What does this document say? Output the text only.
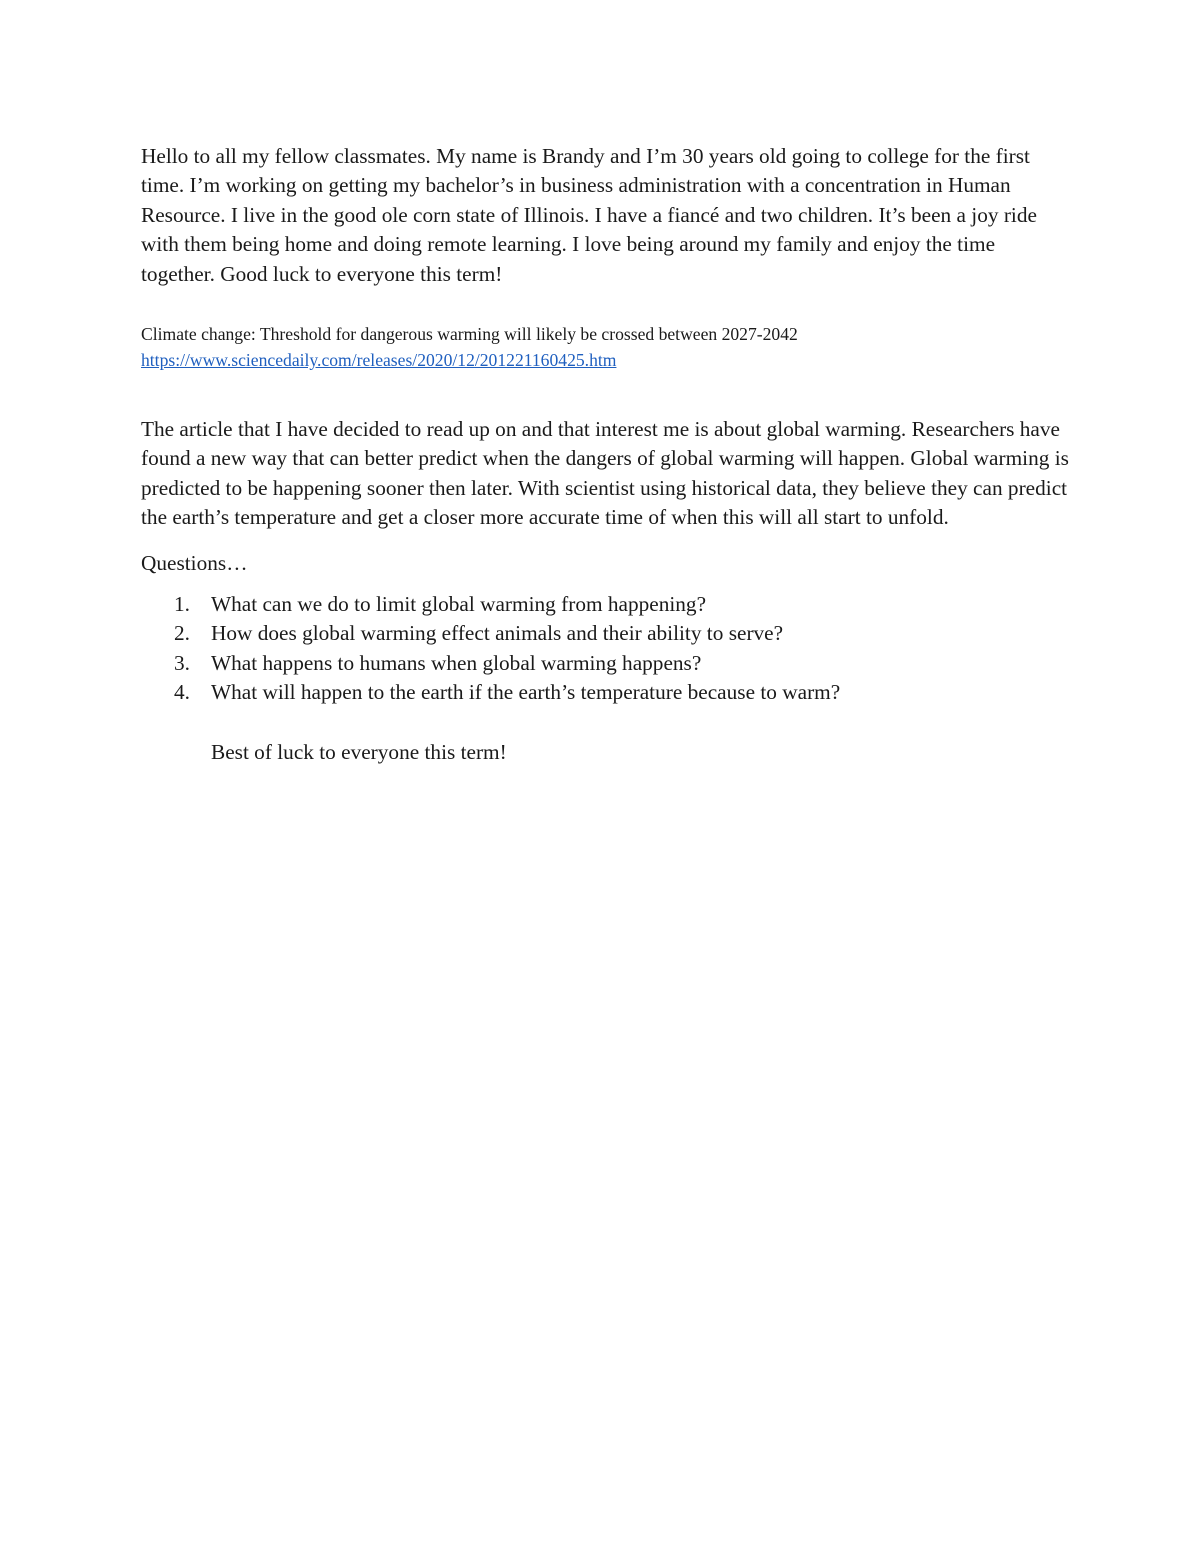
Hello to all my fellow classmates. My name is Brandy and I’m 30 years old going to college for the first time. I’m working on getting my bachelor’s in business administration with a concentration in Human Resource. I live in the good ole corn state of Illinois. I have a fiancé and two children. It’s been a joy ride with them being home and doing remote learning. I love being around my family and enjoy the time together. Good luck to everyone this term!

Climate change: Threshold for dangerous warming will likely be crossed between 2027-2042

https://www.sciencedaily.com/releases/2020/12/201221160425.htm

The article that I have decided to read up on and that interest me is about global warming. Researchers have found a new way that can better predict when the dangers of global warming will happen. Global warming is predicted to be happening sooner then later. With scientist using historical data, they believe they can predict the earth’s temperature and get a closer more accurate time of when this will all start to unfold.

Questions…

1. What can we do to limit global warming from happening?
2. How does global warming effect animals and their ability to serve?
3. What happens to humans when global warming happens?
4. What will happen to the earth if the earth’s temperature because to warm?

Best of luck to everyone this term!
